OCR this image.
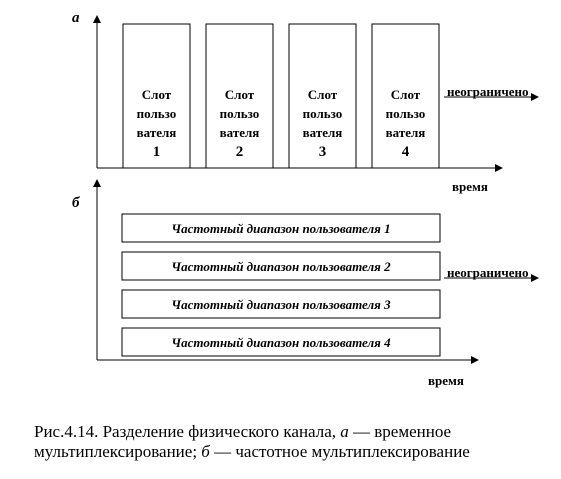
а
Слот
пользо
вателя
1
Слот
пользо
вателя
2
Слот
пользо
вателя
3
Слот
пользо
вателя
4
неограничено
время
б
Частотный диапазон пользователя 1
Частотный диапазон пользователя 2
Частотный диапазон пользователя 3
Частотный диапазон пользователя 4
неограничено
время
Рис.4.14. Разделение физического канала, а — временное мультиплексирование; б — частотное мультиплексирование
